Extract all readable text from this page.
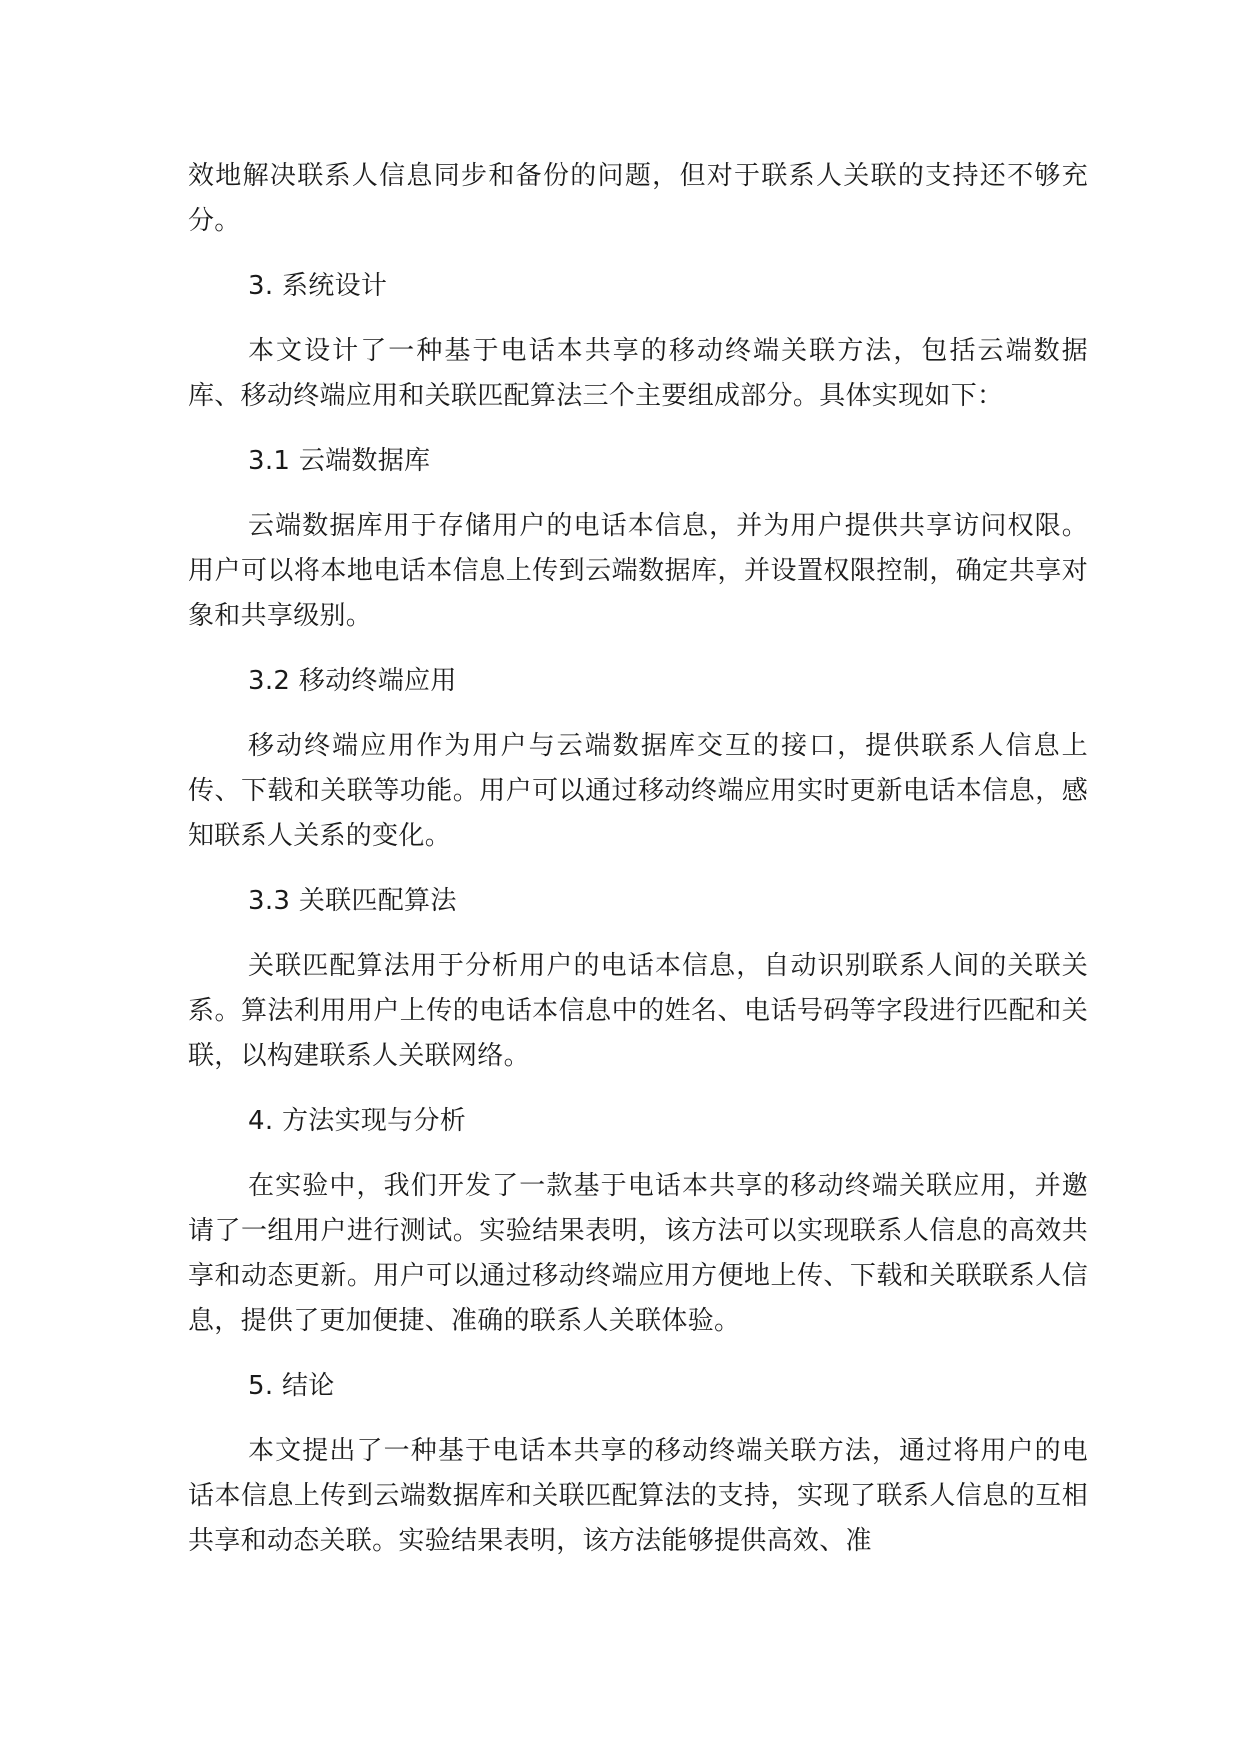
效地解决联系人信息同步和备份的问题，但对于联系人关联的支持还不够充分。

3. 系统设计

本文设计了一种基于电话本共享的移动终端关联方法，包括云端数据库、移动终端应用和关联匹配算法三个主要组成部分。具体实现如下：

3.1 云端数据库

云端数据库用于存储用户的电话本信息，并为用户提供共享访问权限。用户可以将本地电话本信息上传到云端数据库，并设置权限控制，确定共享对象和共享级别。

3.2 移动终端应用

移动终端应用作为用户与云端数据库交互的接口，提供联系人信息上传、下载和关联等功能。用户可以通过移动终端应用实时更新电话本信息，感知联系人关系的变化。

3.3 关联匹配算法

关联匹配算法用于分析用户的电话本信息，自动识别联系人间的关联关系。算法利用用户上传的电话本信息中的姓名、电话号码等字段进行匹配和关联，以构建联系人关联网络。

4. 方法实现与分析

在实验中，我们开发了一款基于电话本共享的移动终端关联应用，并邀请了一组用户进行测试。实验结果表明，该方法可以实现联系人信息的高效共享和动态更新。用户可以通过移动终端应用方便地上传、下载和关联联系人信息，提供了更加便捷、准确的联系人关联体验。

5. 结论

本文提出了一种基于电话本共享的移动终端关联方法，通过将用户的电话本信息上传到云端数据库和关联匹配算法的支持，实现了联系人信息的互相共享和动态关联。实验结果表明，该方法能够提供高效、准
